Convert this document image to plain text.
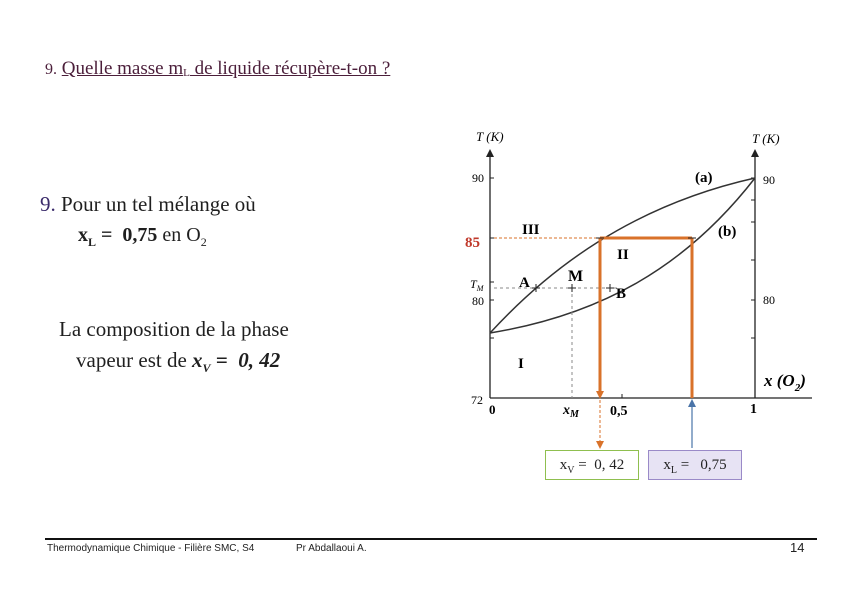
9. Quelle masse $m_L$ de liquide récupère-t-on ?
9. Pour un tel mélange où
$x_L = 0,75$ en $O_2$
La composition de la phase
vapeur est de $x_V = 0$, 42
T (K)	T (K)
90	90
85
$T_M$
80	80
72
0	$x_M$ 0,5	1
x $(O_2)$
(a)
(b)
III
II
I
A M
B
$x_V = 0$, 42	$x_L = 0,75$
Thermodynamique Chimique - Filière SMC, S4	Pr Abdallaoui A.	14
